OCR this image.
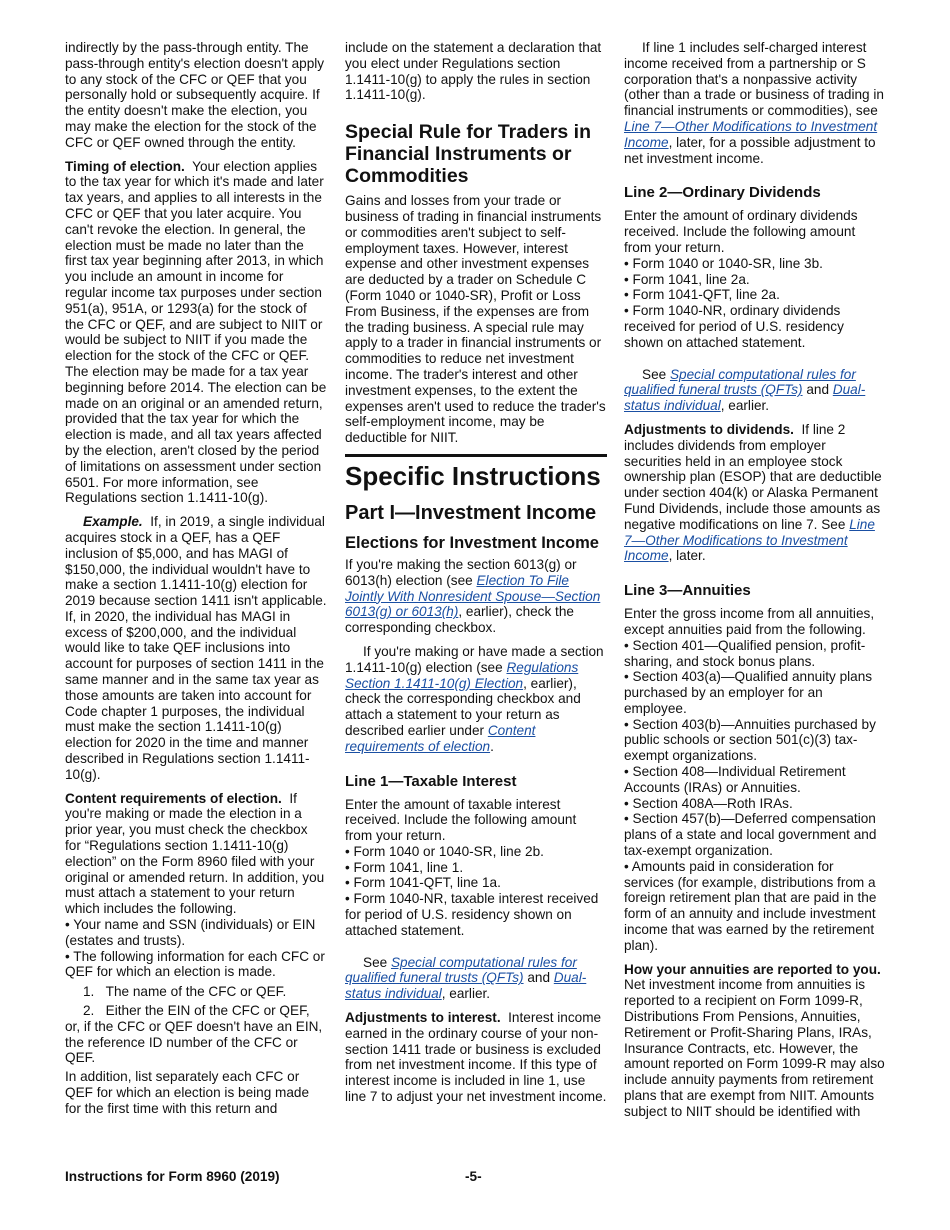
indirectly by the pass-through entity. The pass-through entity's election doesn't apply to any stock of the CFC or QEF that you personally hold or subsequently acquire. If the entity doesn't make the election, you may make the election for the stock of the CFC or QEF owned through the entity.

Timing of election. Your election applies to the tax year for which it's made and later tax years, and applies to all interests in the CFC or QEF that you later acquire. You can't revoke the election. In general, the election must be made no later than the first tax year beginning after 2013, in which you include an amount in income for regular income tax purposes under section 951(a), 951A, or 1293(a) for the stock of the CFC or QEF, and are subject to NIIT or would be subject to NIIT if you made the election for the stock of the CFC or QEF. The election may be made for a tax year beginning before 2014. The election can be made on an original or an amended return, provided that the tax year for which the election is made, and all tax years affected by the election, aren't closed by the period of limitations on assessment under section 6501. For more information, see Regulations section 1.1411-10(g).

Example. If, in 2019, a single individual acquires stock in a QEF, has a QEF inclusion of $5,000, and has MAGI of $150,000, the individual wouldn't have to make a section 1.1411-10(g) election for 2019 because section 1411 isn't applicable. If, in 2020, the individual has MAGI in excess of $200,000, and the individual would like to take QEF inclusions into account for purposes of section 1411 in the same manner and in the same tax year as those amounts are taken into account for Code chapter 1 purposes, the individual must make the section 1.1411-10(g) election for 2020 in the time and manner described in Regulations section 1.1411-10(g).

Content requirements of election. If you're making or made the election in a prior year, you must check the checkbox for “Regulations section 1.1411-10(g) election” on the Form 8960 filed with your original or amended return. In addition, you must attach a statement to your return which includes the following.

• Your name and SSN (individuals) or EIN (estates and trusts).
• The following information for each CFC or QEF for which an election is made.
1.   The name of the CFC or QEF.
2.   Either the EIN of the CFC or QEF, or, if the CFC or QEF doesn't have an EIN, the reference ID number of the CFC or QEF.

In addition, list separately each CFC or QEF for which an election is being made for the first time with this return and

include on the statement a declaration that you elect under Regulations section 1.1411-10(g) to apply the rules in section 1.1411-10(g).

Special Rule for Traders in Financial Instruments or Commodities

Gains and losses from your trade or business of trading in financial instruments or commodities aren't subject to self-employment taxes. However, interest expense and other investment expenses are deducted by a trader on Schedule C (Form 1040 or 1040-SR), Profit or Loss From Business, if the expenses are from the trading business. A special rule may apply to a trader in financial instruments or commodities to reduce net investment income. The trader's interest and other investment expenses, to the extent the expenses aren't used to reduce the trader's self-employment income, may be deductible for NIIT.

Specific Instructions
Part I—Investment Income
Elections for Investment Income

If you're making the section 6013(g) or 6013(h) election (see Election To File Jointly With Nonresident Spouse—Section 6013(g) or 6013(h), earlier), check the corresponding checkbox.

If you're making or have made a section 1.1411-10(g) election (see Regulations Section 1.1411-10(g) Election, earlier), check the corresponding checkbox and attach a statement to your return as described earlier under Content requirements of election.

Line 1—Taxable Interest

Enter the amount of taxable interest received. Include the following amount from your return.

• Form 1040 or 1040-SR, line 2b.
• Form 1041, line 1.
• Form 1041-QFT, line 1a.
• Form 1040-NR, taxable interest received for period of U.S. residency shown on attached statement.

See Special computational rules for qualified funeral trusts (QFTs) and Dual-status individual, earlier.

Adjustments to interest. Interest income earned in the ordinary course of your non-section 1411 trade or business is excluded from net investment income. If this type of interest income is included in line 1, use line 7 to adjust your net investment income.

If line 1 includes self-charged interest income received from a partnership or S corporation that's a nonpassive activity (other than a trade or business of trading in financial instruments or commodities), see Line 7—Other Modifications to Investment Income, later, for a possible adjustment to net investment income.

Line 2—Ordinary Dividends

Enter the amount of ordinary dividends received. Include the following amount from your return.

• Form 1040 or 1040-SR, line 3b.
• Form 1041, line 2a.
• Form 1041-QFT, line 2a.
• Form 1040-NR, ordinary dividends received for period of U.S. residency shown on attached statement.

See Special computational rules for qualified funeral trusts (QFTs) and Dual-status individual, earlier.

Adjustments to dividends. If line 2 includes dividends from employer securities held in an employee stock ownership plan (ESOP) that are deductible under section 404(k) or Alaska Permanent Fund Dividends, include those amounts as negative modifications on line 7. See Line 7—Other Modifications to Investment Income, later.

Line 3—Annuities

Enter the gross income from all annuities, except annuities paid from the following.

• Section 401—Qualified pension, profit-sharing, and stock bonus plans.
• Section 403(a)—Qualified annuity plans purchased by an employer for an employee.
• Section 403(b)—Annuities purchased by public schools or section 501(c)(3) tax-exempt organizations.
• Section 408—Individual Retirement Accounts (IRAs) or Annuities.
• Section 408A—Roth IRAs.
• Section 457(b)—Deferred compensation plans of a state and local government and tax-exempt organization.
• Amounts paid in consideration for services (for example, distributions from a foreign retirement plan that are paid in the form of an annuity and include investment income that was earned by the retirement plan).

How your annuities are reported to you.  Net investment income from annuities is reported to a recipient on Form 1099-R, Distributions From Pensions, Annuities, Retirement or Profit-Sharing Plans, IRAs, Insurance Contracts, etc. However, the amount reported on Form 1099-R may also include annuity payments from retirement plans that are exempt from NIIT. Amounts subject to NIIT should be identified with

Instructions for Form 8960 (2019)	-5-
